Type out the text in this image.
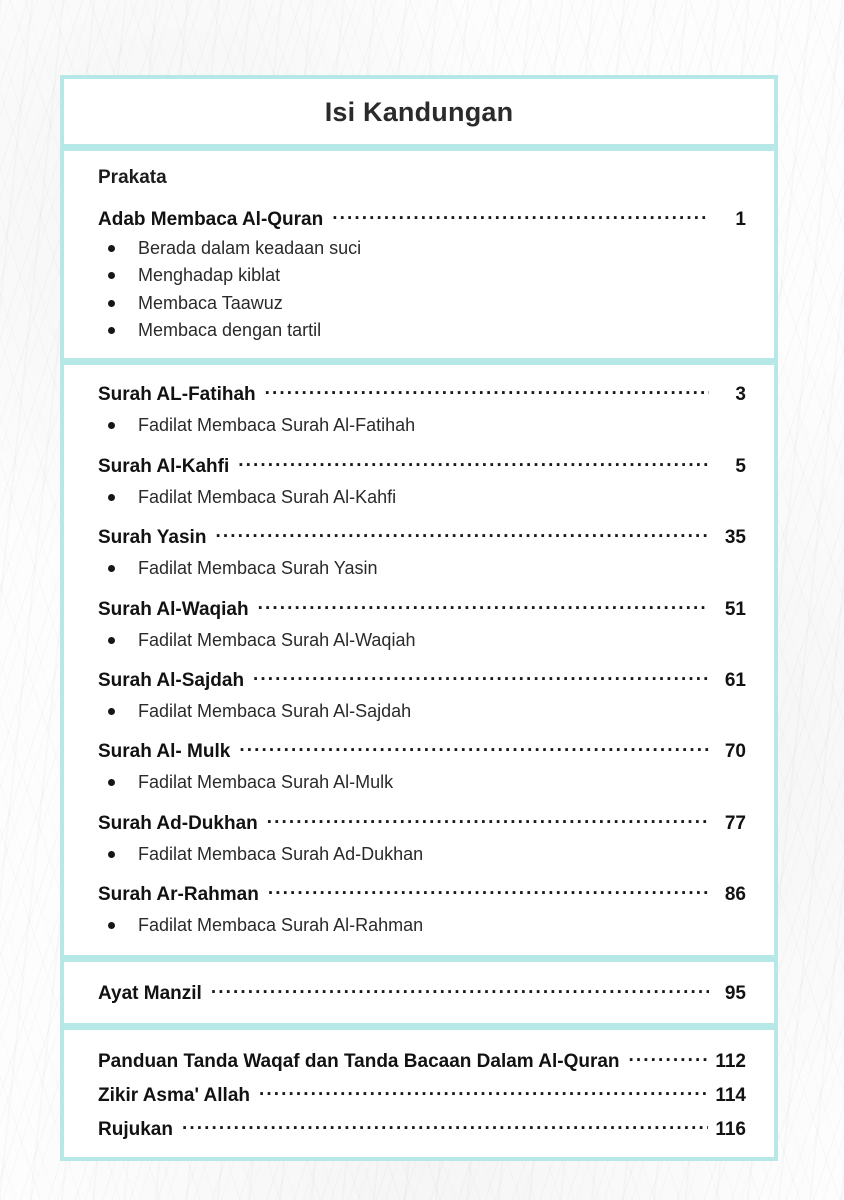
Isi Kandungan
Prakata
Adab Membaca Al-Quran .....	1
Berada dalam keadaan suci
Menghadap kiblat
Membaca Taawuz
Membaca dengan tartil
Surah AL-Fatihah .....	3
Fadilat Membaca Surah Al-Fatihah
Surah Al-Kahfi .....	5
Fadilat Membaca Surah Al-Kahfi
Surah Yasin .....	35
Fadilat Membaca Surah Yasin
Surah Al-Waqiah .....	51
Fadilat Membaca Surah Al-Waqiah
Surah Al-Sajdah .....	61
Fadilat Membaca Surah Al-Sajdah
Surah Al- Mulk .....	70
Fadilat Membaca Surah Al-Mulk
Surah Ad-Dukhan .....	77
Fadilat Membaca Surah Ad-Dukhan
Surah Ar-Rahman .....	86
Fadilat Membaca Surah Al-Rahman
Ayat Manzil .....	95
Panduan Tanda Waqaf dan Tanda Bacaan Dalam Al-Quran .....	112
Zikir Asma' Allah .....	114
Rujukan .....	116
